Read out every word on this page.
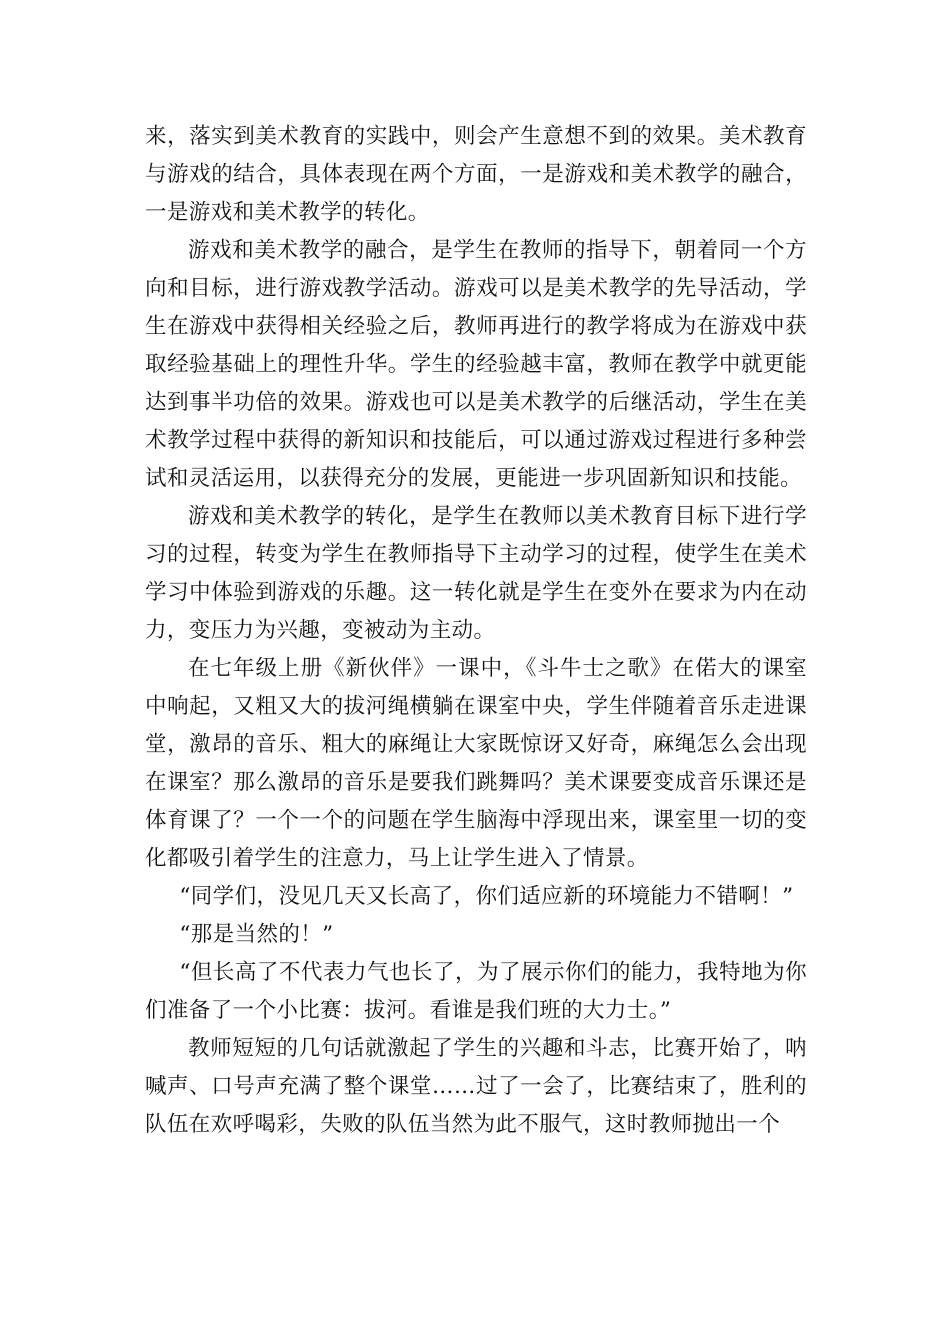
来，落实到美术教育的实践中，则会产生意想不到的效果。美术教育与游戏的结合，具体表现在两个方面，一是游戏和美术教学的融合，一是游戏和美术教学的转化。

游戏和美术教学的融合，是学生在教师的指导下，朝着同一个方向和目标，进行游戏教学活动。游戏可以是美术教学的先导活动，学生在游戏中获得相关经验之后，教师再进行的教学将成为在游戏中获取经验基础上的理性升华。学生的经验越丰富，教师在教学中就更能达到事半功倍的效果。游戏也可以是美术教学的后继活动，学生在美术教学过程中获得的新知识和技能后，可以通过游戏过程进行多种尝试和灵活运用，以获得充分的发展，更能进一步巩固新知识和技能。

游戏和美术教学的转化，是学生在教师以美术教育目标下进行学习的过程，转变为学生在教师指导下主动学习的过程，使学生在美术学习中体验到游戏的乐趣。这一转化就是学生在变外在要求为内在动力，变压力为兴趣，变被动为主动。

在七年级上册《新伙伴》一课中，《斗牛士之歌》在偌大的课室中响起，又粗又大的拔河绳横躺在课室中央，学生伴随着音乐走进课堂，激昂的音乐、粗大的麻绳让大家既惊讶又好奇，麻绳怎么会出现在课室？那么激昂的音乐是要我们跳舞吗？美术课要变成音乐课还是体育课了？一个一个的问题在学生脑海中浮现出来，课室里一切的变化都吸引着学生的注意力，马上让学生进入了情景。

“同学们，没见几天又长高了，你们适应新的环境能力不错啊！”

“那是当然的！”

“但长高了不代表力气也长了，为了展示你们的能力，我特地为你们准备了一个小比赛：拔河。看谁是我们班的大力士。”

教师短短的几句话就激起了学生的兴趣和斗志，比赛开始了，呐喊声、口号声充满了整个课堂……过了一会了，比赛结束了，胜利的队伍在欢呼喝彩，失败的队伍当然为此不服气，这时教师抛出一个
